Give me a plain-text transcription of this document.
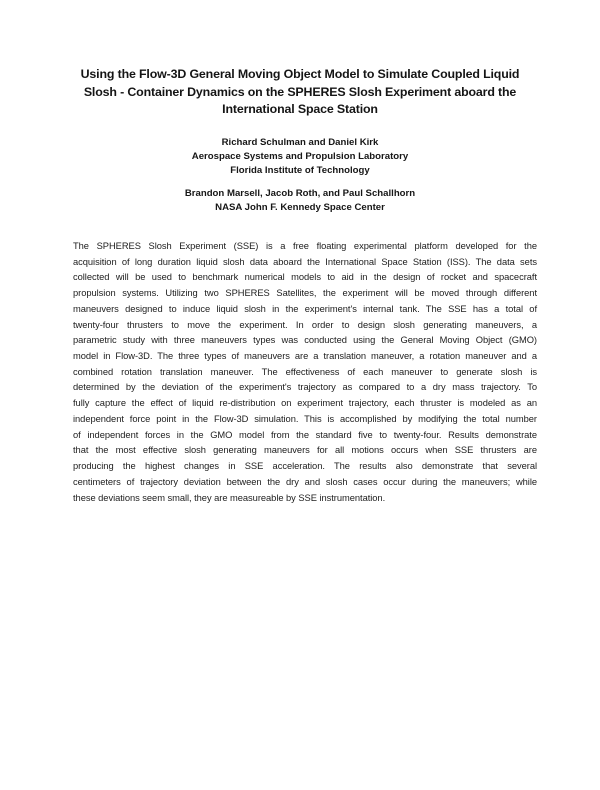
Using the Flow-3D General Moving Object Model to Simulate Coupled Liquid
Slosh - Container Dynamics on the SPHERES Slosh Experiment aboard the
International Space Station
Richard Schulman and Daniel Kirk
Aerospace Systems and Propulsion Laboratory
Florida Institute of Technology
Brandon Marsell, Jacob Roth, and Paul Schallhorn
NASA John F. Kennedy Space Center
The SPHERES Slosh Experiment (SSE) is a free floating experimental platform developed for the
acquisition of long duration liquid slosh data aboard the International Space Station (ISS). The data sets
collected will be used to benchmark numerical models to aid in the design of rocket and spacecraft
propulsion systems. Utilizing two SPHERES Satellites, the experiment will be moved through different
maneuvers designed to induce liquid slosh in the experiment's internal tank. The SSE has a total of
twenty-four thrusters to move the experiment. In order to design slosh generating maneuvers, a
parametric study with three maneuvers types was conducted using the General Moving Object (GMO)
model in Flow-3D. The three types of maneuvers are a translation maneuver, a rotation maneuver and a
combined rotation translation maneuver. The effectiveness of each maneuver to generate slosh is
determined by the deviation of the experiment's trajectory as compared to a dry mass trajectory. To
fully capture the effect of liquid re-distribution on experiment trajectory, each thruster is modeled as an
independent force point in the Flow-3D simulation. This is accomplished by modifying the total number
of independent forces in the GMO model from the standard five to twenty-four. Results demonstrate
that the most effective slosh generating maneuvers for all motions occurs when SSE thrusters are
producing the highest changes in SSE acceleration. The results also demonstrate that several
centimeters of trajectory deviation between the dry and slosh cases occur during the maneuvers; while
these deviations seem small, they are measureable by SSE instrumentation.
